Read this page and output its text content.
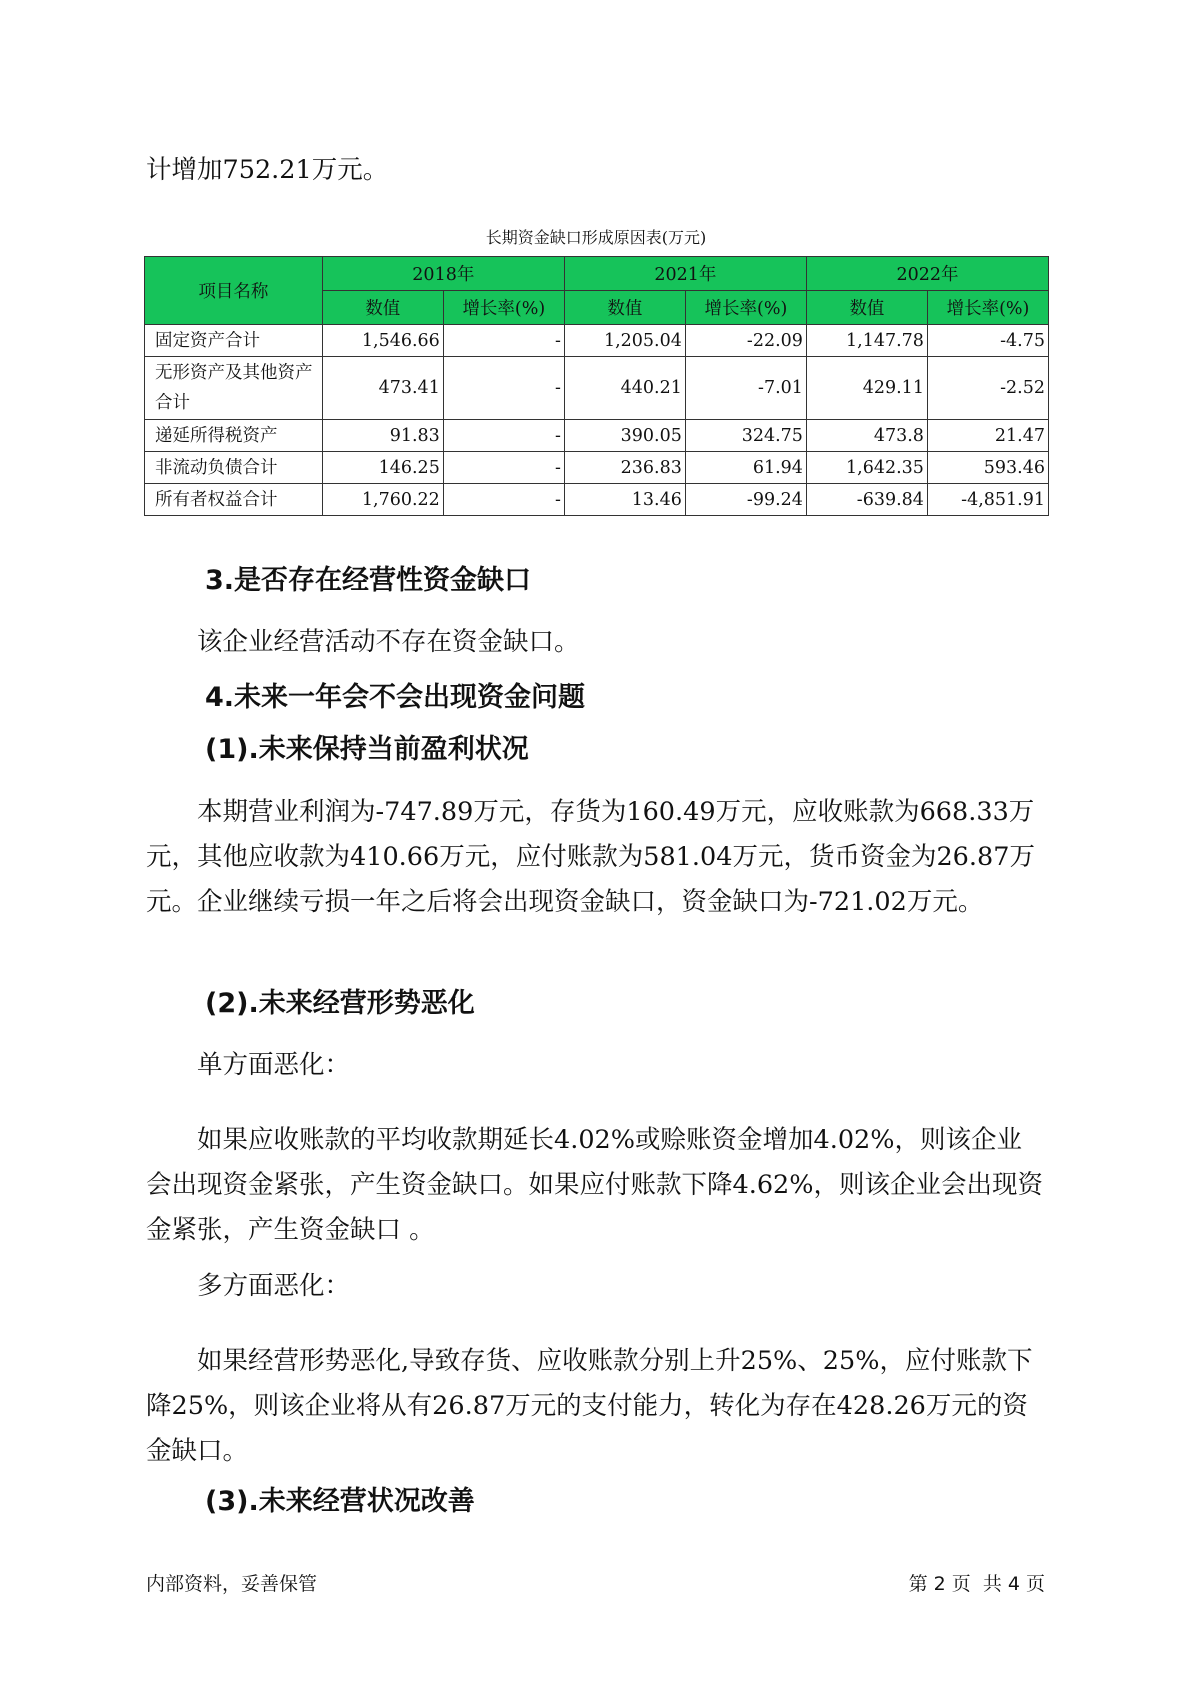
计增加752.21万元。

长期资金缺口形成原因表(万元)
项目名称	2018年		2021年		2022年	
	数值	增长率(%)	数值	增长率(%)	数值	增长率(%)
固定资产合计	1,546.66	-	1,205.04	-22.09	1,147.78	-4.75
无形资产及其他资产合计	473.41	-	440.21	-7.01	429.11	-2.52
递延所得税资产	91.83	-	390.05	324.75	473.8	21.47
非流动负债合计	146.25	-	236.83	61.94	1,642.35	593.46
所有者权益合计	1,760.22	-	13.46	-99.24	-639.84	-4,851.91
3.是否存在经营性资金缺口

该企业经营活动不存在资金缺口。

4.未来一年会不会出现资金问题
(1).未来保持当前盈利状况

本期营业利润为-747.89万元，存货为160.49万元，应收账款为668.33万元，其他应收款为410.66万元，应付账款为581.04万元，货币资金为26.87万元。企业继续亏损一年之后将会出现资金缺口，资金缺口为-721.02万元。

(2).未来经营形势恶化

单方面恶化：

如果应收账款的平均收款期延长4.02%或赊账资金增加4.02%，则该企业会出现资金紧张，产生资金缺口。如果应付账款下降4.62%，则该企业会出现资金紧张，产生资金缺口 。

多方面恶化：

如果经营形势恶化,导致存货、应收账款分别上升25%、25%，应付账款下降25%，则该企业将从有26.87万元的支付能力，转化为存在428.26万元的资金缺口。

(3).未来经营状况改善
内部资料，妥善保管	第 2 页  共 4 页
